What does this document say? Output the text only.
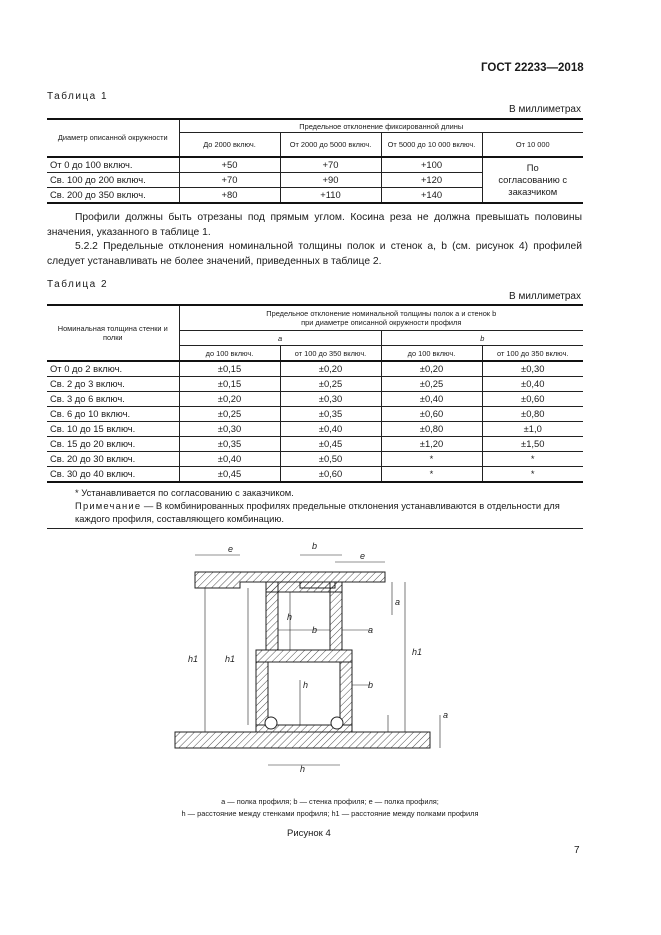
ГОСТ 22233—2018
Таблица 1
В миллиметрах
Диаметр описанной окружности	Предельное отклонение фиксированной длины			
	До 2000 включ.	От 2000 до 5000 включ.	От 5000 до 10 000 включ.	От 10 000
От 0 до 100 включ.	+50	+70	+100	По согласованию с заказчиком
Св. 100 до 200 включ.	+70	+90	+120	
Св. 200 до 350 включ.	+80	+110	+140	
Профили должны быть отрезаны под прямым углом. Косина реза не должна превышать половины значения, указанного в таблице 1.
5.2.2 Предельные отклонения номинальной толщины полок и стенок a, b (см. рисунок 4) профилей следует устанавливать не более значений, приведенных в таблице 2.
Таблица 2
В миллиметрах
Номинальная толщина стенки и полки	Предельное отклонение номинальной толщины полок a и стенок b
при диаметре описанной окружности профиля			

	a		b	
	до 100 включ.	от 100 до 350 включ.	до 100 включ.	от 100 до 350 включ.
От 0 до 2 включ.	±0,15	±0,20	±0,20	±0,30
Св. 2 до 3 включ.	±0,15	±0,25	±0,25	±0,40
Св. 3 до 6 включ.	±0,20	±0,30	±0,40	±0,60
Св. 6 до 10 включ.	±0,25	±0,35	±0,60	±0,80
Св. 10 до 15 включ.	±0,30	±0,40	±0,80	±1,0
Св. 15 до 20 включ.	±0,35	±0,45	±1,20	±1,50
Св. 20 до 30 включ.	±0,40	±0,50	*	*
Св. 30 до 40 включ.	±0,45	±0,60	*	*

* Устанавливается по согласованию с заказчиком.
Примечание — В комбинированных профилях предельные отклонения устанавливаются в отдельности для каждого профиля, составляющего комбинацию.				
e	b
e
a
h1	h1
h1
h
b	a
h	b
h
a
a — полка профиля; b — стенка профиля; e — полка профиля;
h — расстояние между стенками профиля; h1 — расстояние между полками профиля
Рисунок 4
7
